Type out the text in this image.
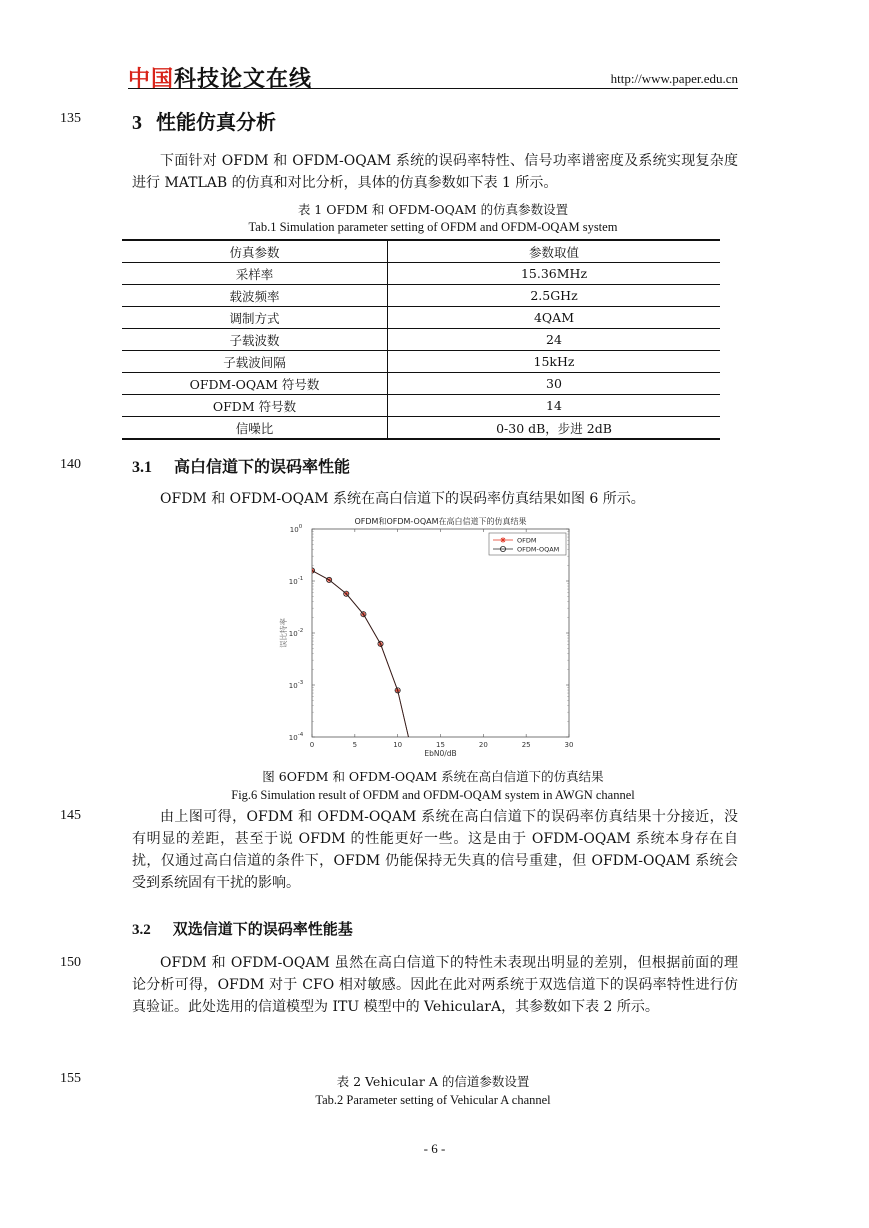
中国科技论文在线	http://www.paper.edu.cn
135
140
145
150
155
3 性能仿真分析

下面针对 OFDM 和 OFDM-OQAM 系统的误码率特性、信号功率谱密度及系统实现复杂度进行 MATLAB 的仿真和对比分析，具体的仿真参数如下表 1 所示。

表 1 OFDM 和 OFDM-OQAM 的仿真参数设置
Tab.1 Simulation parameter setting of OFDM and OFDM-OQAM system
仿真参数	参数取值
采样率	15.36MHz
载波频率	2.5GHz
调制方式	4QAM
子载波数	24
子载波间隔	15kHz
OFDM-OQAM 符号数	30
OFDM 符号数	14
信噪比	0-30 dB，步进 2dB
3.1 高白信道下的误码率性能

OFDM 和 OFDM-OQAM 系统在高白信道下的误码率仿真结果如图 6 所示。

OFDM和OFDM-OQAM在高白信道下的仿真结果
0	5	10	15	20	25	30
EbN0/dB
$10^0$
$10^{-1}$
$10^{-2}$
$10^{-3}$
$10^{-4}$
误比特率
OFDM
OFDM-OQAM
图 6OFDM 和 OFDM-OQAM 系统在高白信道下的仿真结果
Fig.6 Simulation result of OFDM and OFDM-OQAM system in AWGN channel

由上图可得，OFDM 和 OFDM-OQAM 系统在高白信道下的误码率仿真结果十分接近，没有明显的差距，甚至于说 OFDM 的性能更好一些。这是由于 OFDM-OQAM 系统本身存在自扰，仅通过高白信道的条件下，OFDM 仍能保持无失真的信号重建，但 OFDM-OQAM 系统会受到系统固有干扰的影响。

3.2 双选信道下的误码率性能基

OFDM 和 OFDM-OQAM 虽然在高白信道下的特性未表现出明显的差别，但根据前面的理论分析可得，OFDM 对于 CFO 相对敏感。因此在此对两系统于双选信道下的误码率特性进行仿真验证。此处选用的信道模型为 ITU 模型中的 VehicularA，其参数如下表 2 所示。

表 2 Vehicular A 的信道参数设置
Tab.2 Parameter setting of Vehicular A channel
- 6 -
